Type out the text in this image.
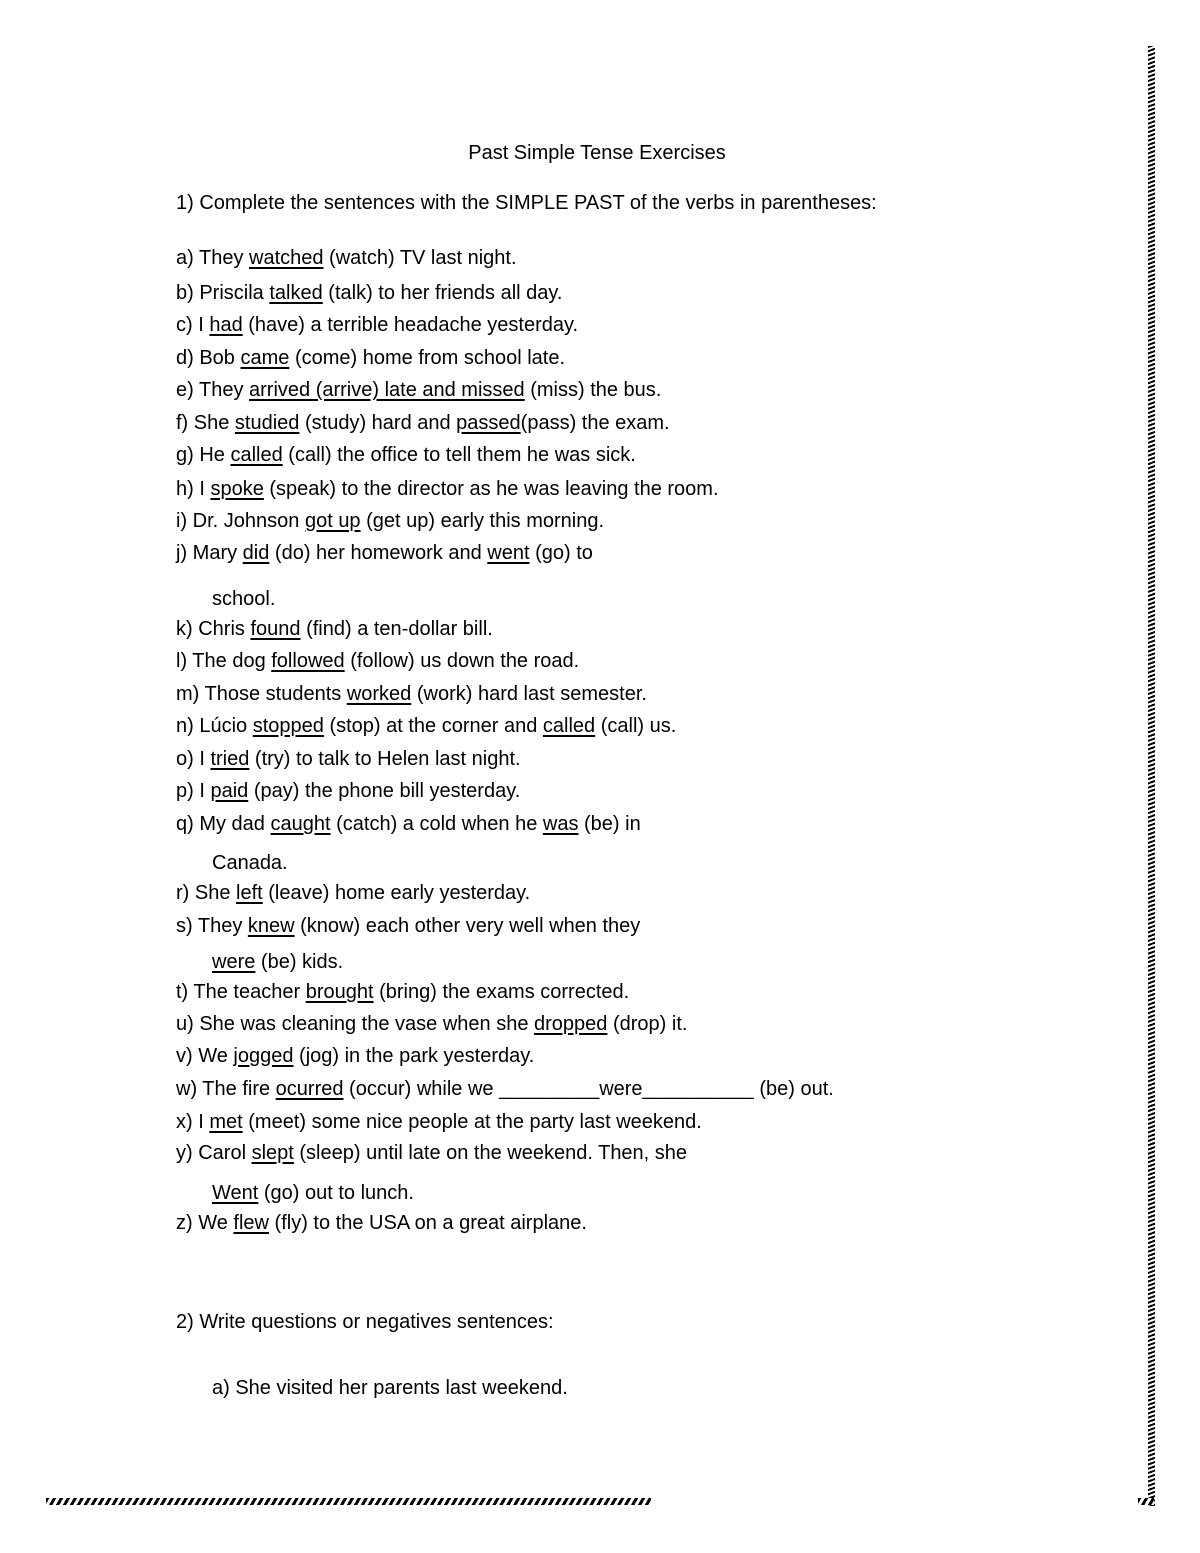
Past Simple Tense Exercises
1) Complete the sentences with the SIMPLE PAST of the verbs in parentheses:
a) They watched (watch) TV last night.
b) Priscila talked (talk) to her friends all day.
c) I had (have) a terrible headache yesterday.
d) Bob came (come) home from school late.
e) They arrived (arrive) late and missed (miss) the bus.
f) She studied (study) hard and passed(pass) the exam.
g) He called (call) the office to tell them he was sick.
h) I spoke (speak) to the director as he was leaving the room.
i) Dr. Johnson got up (get up) early this morning.
j) Mary did (do) her homework and went (go) to
school.
k) Chris found (find) a ten-dollar bill.
l) The dog followed (follow) us down the road.
m) Those students worked (work) hard last semester.
n) Lúcio stopped (stop) at the corner and called (call) us.
o) I tried (try) to talk to Helen last night.
p) I paid (pay) the phone bill yesterday.
q) My dad caught (catch) a cold when he was (be) in
Canada.
r) She left (leave) home early yesterday.
s) They knew (know) each other very well when they
were (be) kids.
t) The teacher brought (bring) the exams corrected.
u) She was cleaning the vase when she dropped (drop) it.
v) We jogged (jog) in the park yesterday.
w) The fire ocurred (occur) while we _________were__________ (be) out.
x) I met (meet) some nice people at the party last weekend.
y) Carol slept (sleep) until late on the weekend. Then, she
Went (go) out to lunch.
z) We flew (fly) to the USA on a great airplane.
2) Write questions or negatives sentences:
a) She visited her parents last weekend.
